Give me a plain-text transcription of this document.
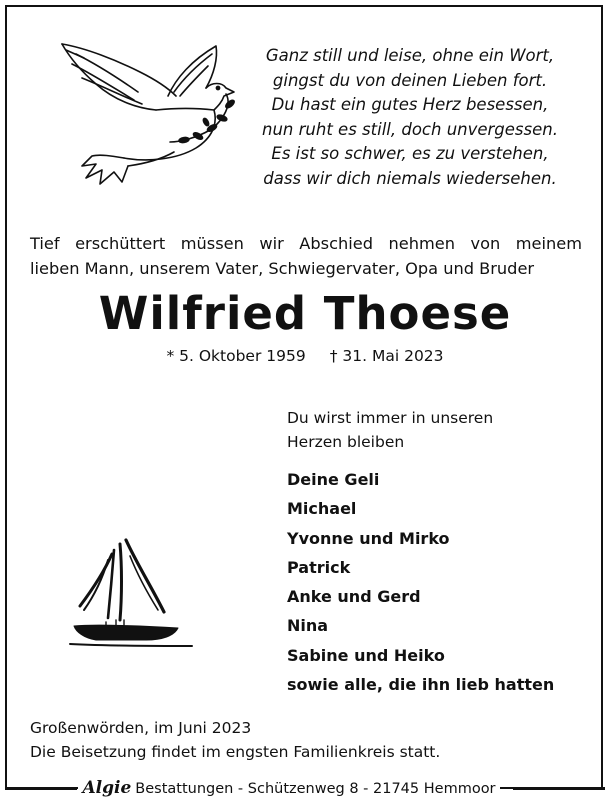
Ganz still und leise, ohne ein Wort,
gingst du von deinen Lieben fort.
Du hast ein gutes Herz besessen,
nun ruht es still, doch unvergessen.
Es ist so schwer, es zu verstehen,
dass wir dich niemals wiedersehen.
Tief erschüttert müssen wir Abschied nehmen von meinem
lieben Mann, unserem Vater, Schwiegervater, Opa und Bruder
Wilfried Thoese
* 5. Oktober 1959 † 31. Mai 2023
Du wirst immer in unseren
Herzen bleiben
Deine Geli
Michael
Yvonne und Mirko
Patrick
Anke und Gerd
Nina
Sabine und Heiko
sowie alle, die ihn lieb hatten
Großenwörden, im Juni 2023
Die Beisetzung findet im engsten Familienkreis statt.
Algie Bestattungen - Schützenweg 8 - 21745 Hemmoor
